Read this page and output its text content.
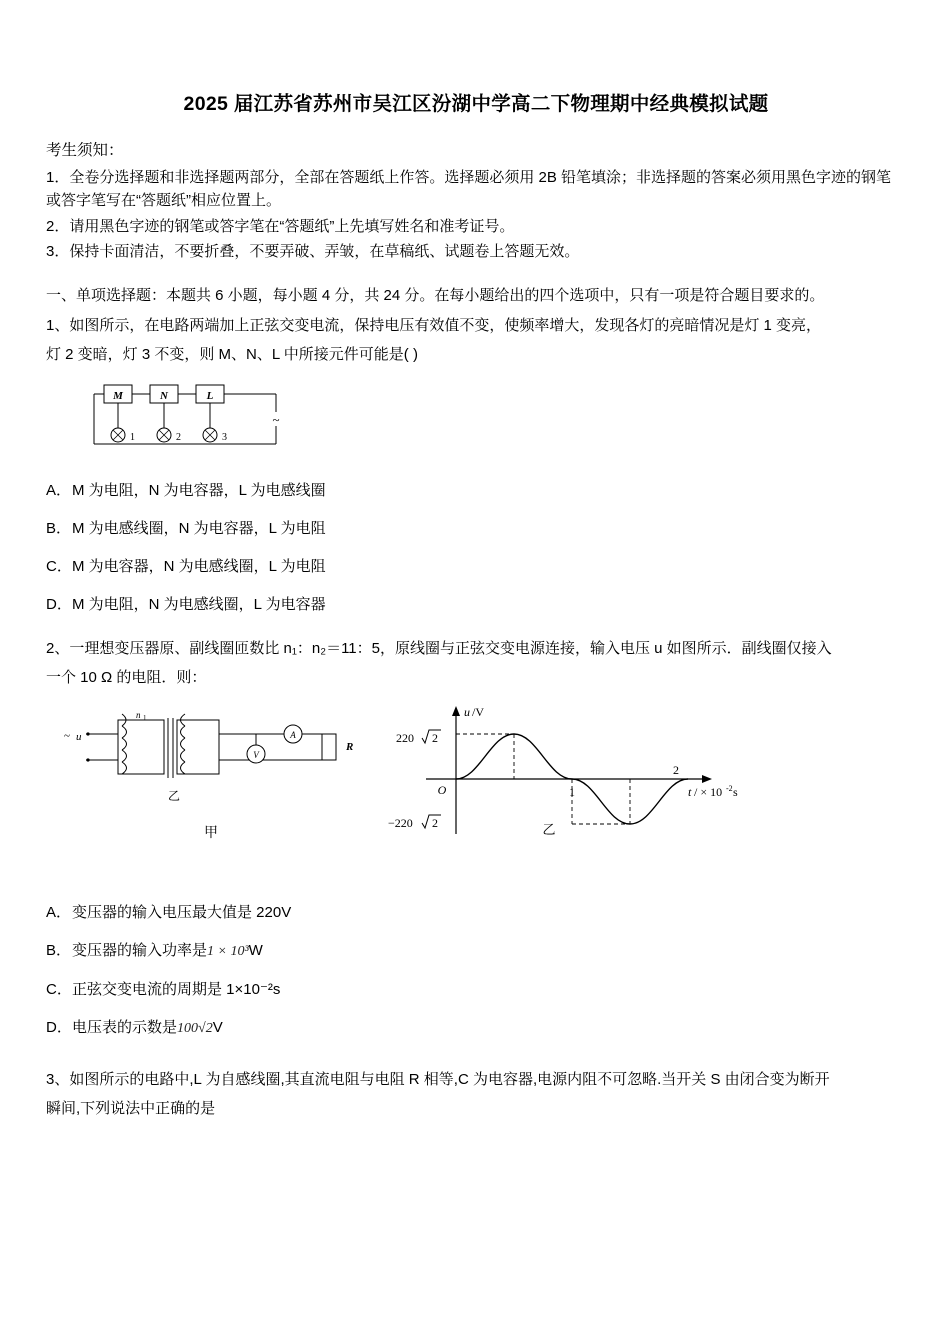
2025 届江苏省苏州市吴江区汾湖中学高二下物理期中经典模拟试题

考生须知：

1．全卷分选择题和非选择题两部分，全部在答题纸上作答。选择题必须用 2B 铅笔填涂；非选择题的答案必须用黑色字迹的钢笔或答字笔写在“答题纸”相应位置上。

2．请用黑色字迹的钢笔或答字笔在“答题纸”上先填写姓名和准考证号。

3．保持卡面清洁，不要折叠，不要弄破、弄皱，在草稿纸、试题卷上答题无效。

一、单项选择题：本题共 6 小题，每小题 4 分，共 24 分。在每小题给出的四个选项中，只有一项是符合题目要求的。

1、如图所示，在电路两端加上正弦交变电流，保持电压有效值不变，使频率增大，发现各灯的亮暗情况是灯 1 变亮，

灯 2 变暗，灯 3 不变，则 M、N、L 中所接元件可能是( )

M	N	L
1	2	3
~

A．M 为电阻，N 为电容器，L 为电感线圈

B．M 为电感线圈，N 为电容器，L 为电阻

C．M 为电容器，N 为电感线圈，L 为电阻

D．M 为电阻，N 为电感线圈，L 为电容器

2、一理想变压器原、副线圈匝数比 n₁：n₂＝11：5，原线圈与正弦交变电源连接，输入电压 u 如图所示．副线圈仅接入

一个 10 Ω 的电阻．则：

~ u
n 1
V
A
R
乙
甲
u /V
t / × 10 -2 s
O
220 2
−220 2
1
2
乙

A．变压器的输入电压最大值是 220V

B．变压器的输入功率是1 × 10³W

C．正弦交变电流的周期是 1×10⁻²s

D．电压表的示数是100√2V

3、如图所示的电路中,L 为自感线圈,其直流电阻与电阻 R 相等,C 为电容器,电源内阻不可忽略.当开关 S 由闭合变为断开

瞬间,下列说法中正确的是
